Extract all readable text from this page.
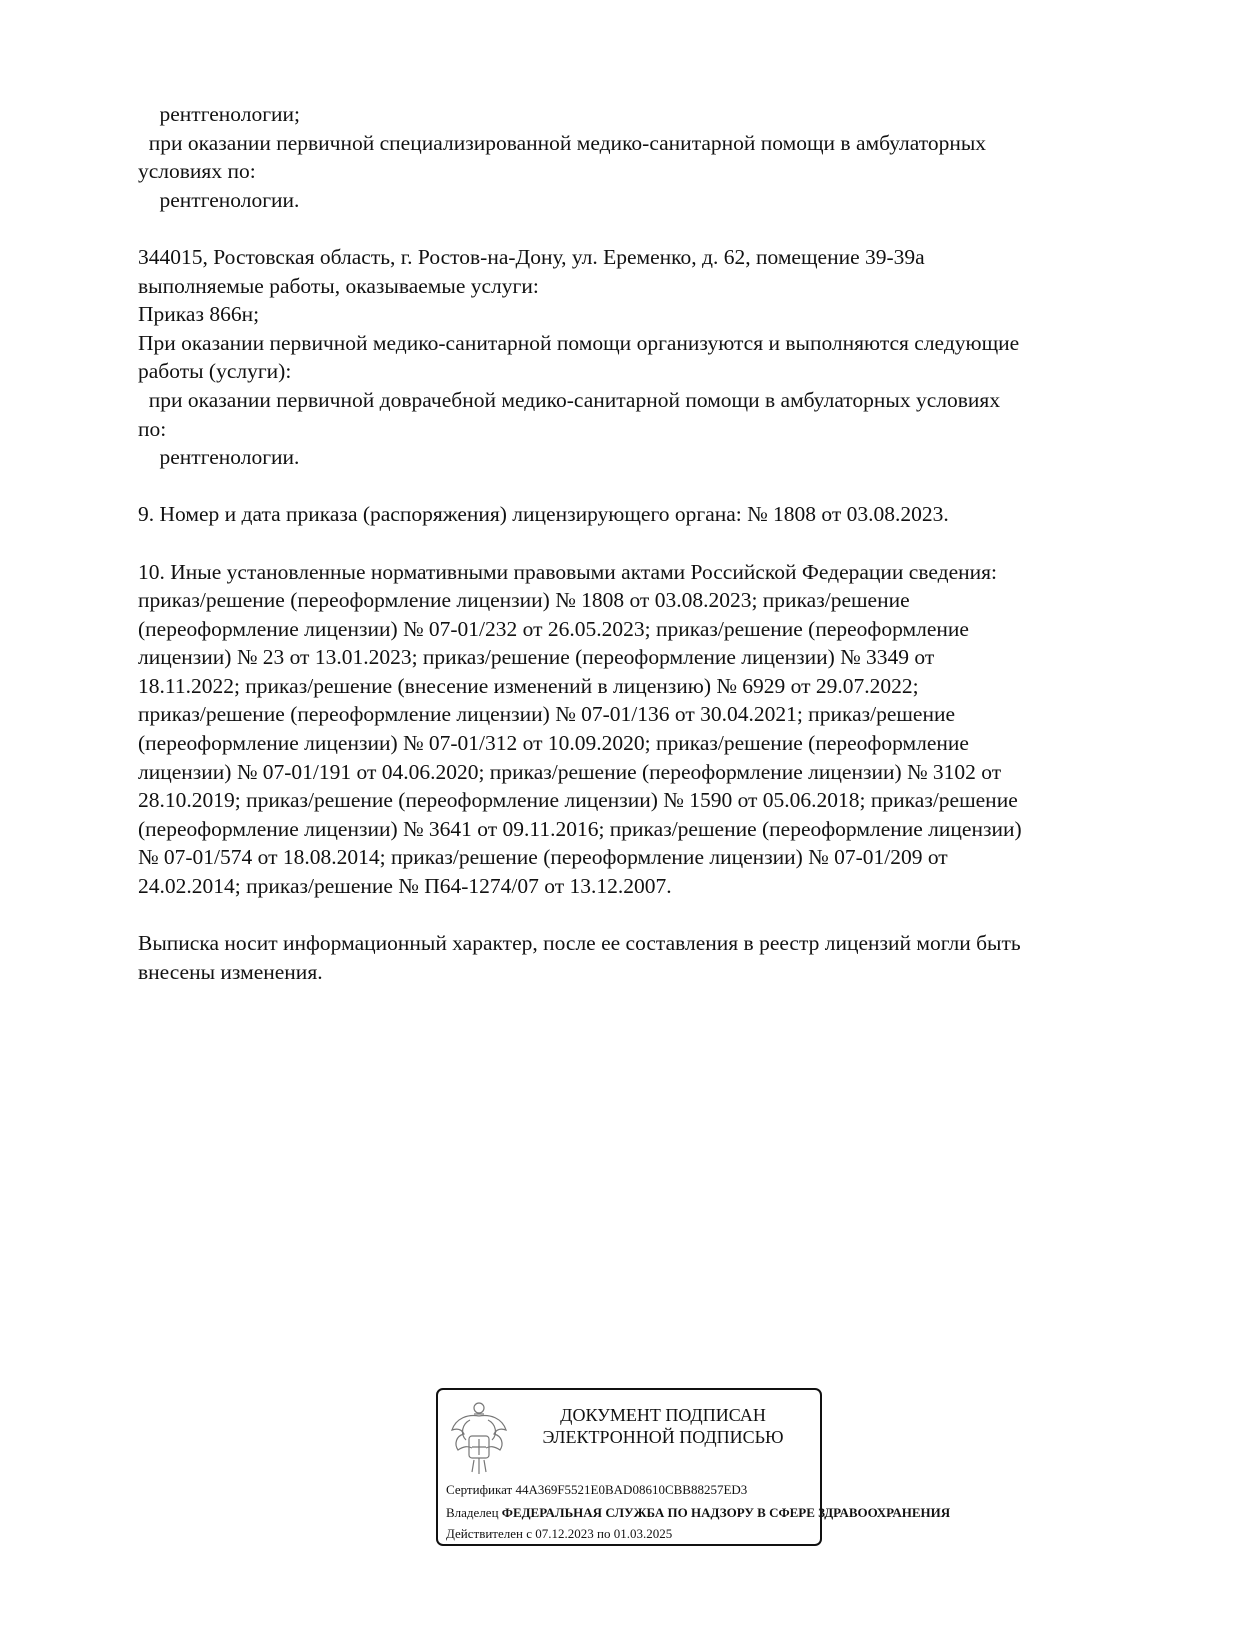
рентгенологии;
при оказании первичной специализированной медико-санитарной помощи в амбулаторных
условиях по:
рентгенологии.
344015, Ростовская область, г. Ростов-на-Дону, ул. Еременко, д. 62, помещение 39-39а
выполняемые работы, оказываемые услуги:
Приказ 866н;
При оказании первичной медико-санитарной помощи организуются и выполняются следующие
работы (услуги):
при оказании первичной доврачебной медико-санитарной помощи в амбулаторных условиях
по:
рентгенологии.
9. Номер и дата приказа (распоряжения) лицензирующего органа: № 1808 от 03.08.2023.
10. Иные установленные нормативными правовыми актами Российской Федерации сведения:
приказ/решение (переоформление лицензии) № 1808 от 03.08.2023; приказ/решение
(переоформление лицензии) № 07-01/232 от 26.05.2023; приказ/решение (переоформление
лицензии) № 23 от 13.01.2023; приказ/решение (переоформление лицензии) № 3349 от
18.11.2022; приказ/решение (внесение изменений в лицензию) № 6929 от 29.07.2022;
приказ/решение (переоформление лицензии) № 07-01/136 от 30.04.2021; приказ/решение
(переоформление лицензии) № 07-01/312 от 10.09.2020; приказ/решение (переоформление
лицензии) № 07-01/191 от 04.06.2020; приказ/решение (переоформление лицензии) № 3102 от
28.10.2019; приказ/решение (переоформление лицензии) № 1590 от 05.06.2018; приказ/решение
(переоформление лицензии) № 3641 от 09.11.2016; приказ/решение (переоформление лицензии)
№ 07-01/574 от 18.08.2014; приказ/решение (переоформление лицензии) № 07-01/209 от
24.02.2014; приказ/решение № П64-1274/07 от 13.12.2007.
Выписка носит информационный характер, после ее составления в реестр лицензий могли быть
внесены изменения.
ДОКУМЕНТ ПОДПИСАН
ЭЛЕКТРОННОЙ ПОДПИСЬЮ
Сертификат 44A369F5521E0BAD08610CBB88257ED3
Владелец ФЕДЕРАЛЬНАЯ СЛУЖБА ПО НАДЗОРУ В СФЕРЕ ЗДРАВООХРАНЕНИЯ
Действителен с 07.12.2023 по 01.03.2025
